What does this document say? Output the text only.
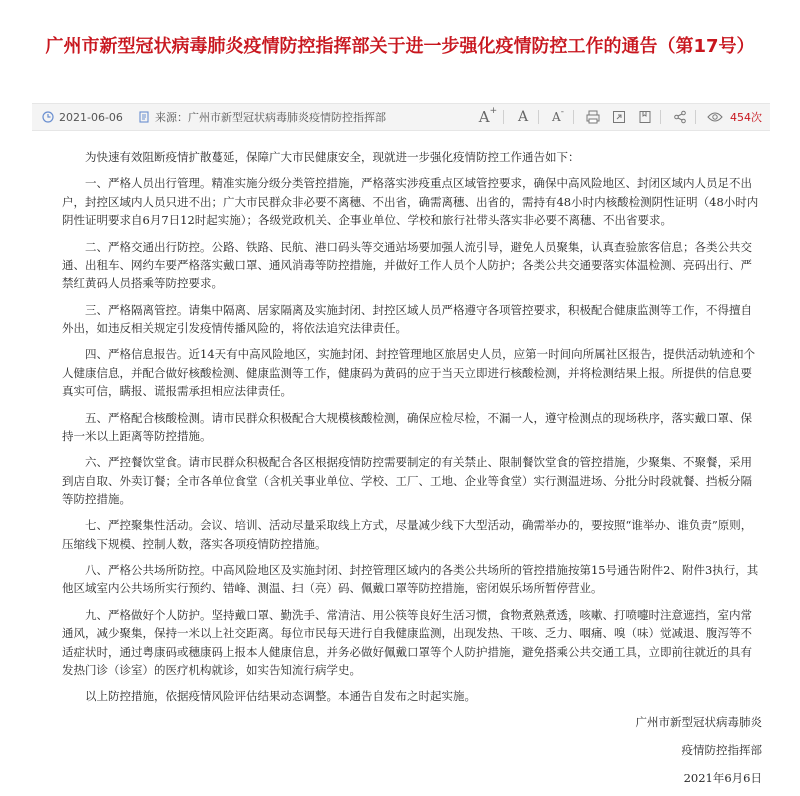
广州市新型冠状病毒肺炎疫情防控指挥部关于进一步强化疫情防控工作的通告（第17号）
2021-06-06	来源： 广州市新型冠状病毒肺炎疫情防控指挥部	A + A A -	454次

为快速有效阻断疫情扩散蔓延，保障广大市民健康安全，现就进一步强化疫情防控工作通告如下：

一、严格人员出行管理。精准实施分级分类管控措施，严格落实涉疫重点区域管控要求，确保中高风险地区、封闭区域内人员足不出户，封控区域内人员只进不出；广大市民群众非必要不离穗、不出省，确需离穗、出省的，需持有48小时内核酸检测阴性证明（48小时内阴性证明要求自6月7日12时起实施）；各级党政机关、企事业单位、学校和旅行社带头落实非必要不离穗、不出省要求。

二、严格交通出行防控。公路、铁路、民航、港口码头等交通站场要加强人流引导，避免人员聚集，认真查验旅客信息；各类公共交通、出租车、网约车要严格落实戴口罩、通风消毒等防控措施，并做好工作人员个人防护；各类公共交通要落实体温检测、亮码出行、严禁红黄码人员搭乘等防控要求。

三、严格隔离管控。请集中隔离、居家隔离及实施封闭、封控区域人员严格遵守各项管控要求，积极配合健康监测等工作，不得擅自外出，如违反相关规定引发疫情传播风险的，将依法追究法律责任。

四、严格信息报告。近14天有中高风险地区，实施封闭、封控管理地区旅居史人员，应第一时间向所属社区报告，提供活动轨迹和个人健康信息，并配合做好核酸检测、健康监测等工作，健康码为黄码的应于当天立即进行核酸检测，并将检测结果上报。所提供的信息要真实可信，瞒报、谎报需承担相应法律责任。

五、严格配合核酸检测。请市民群众积极配合大规模核酸检测，确保应检尽检，不漏一人，遵守检测点的现场秩序，落实戴口罩、保持一米以上距离等防控措施。

六、严控餐饮堂食。请市民群众积极配合各区根据疫情防控需要制定的有关禁止、限制餐饮堂食的管控措施，少聚集、不聚餐，采用到店自取、外卖订餐；全市各单位食堂（含机关事业单位、学校、工厂、工地、企业等食堂）实行测温进场、分批分时段就餐、挡板分隔等防控措施。

七、严控聚集性活动。会议、培训、活动尽量采取线上方式，尽量减少线下大型活动，确需举办的，要按照“谁举办、谁负责”原则，压缩线下规模、控制人数，落实各项疫情防控措施。

八、严格公共场所防控。中高风险地区及实施封闭、封控管理区域内的各类公共场所的管控措施按第15号通告附件2、附件3执行，其他区域室内公共场所实行预约、错峰、测温、扫（亮）码、佩戴口罩等防控措施，密闭娱乐场所暂停营业。

九、严格做好个人防护。坚持戴口罩、勤洗手、常清洁、用公筷等良好生活习惯，食物煮熟煮透，咳嗽、打喷嚏时注意遮挡，室内常通风，减少聚集，保持一米以上社交距离。每位市民每天进行自我健康监测，出现发热、干咳、乏力、咽痛、嗅（味）觉减退、腹泻等不适症状时，通过粤康码或穗康码上报本人健康信息，并务必做好佩戴口罩等个人防护措施，避免搭乘公共交通工具，立即前往就近的具有发热门诊（诊室）的医疗机构就诊，如实告知流行病学史。

以上防控措施，依据疫情风险评估结果动态调整。本通告自发布之时起实施。

广州市新型冠状病毒肺炎
疫情防控指挥部
2021年6月6日
